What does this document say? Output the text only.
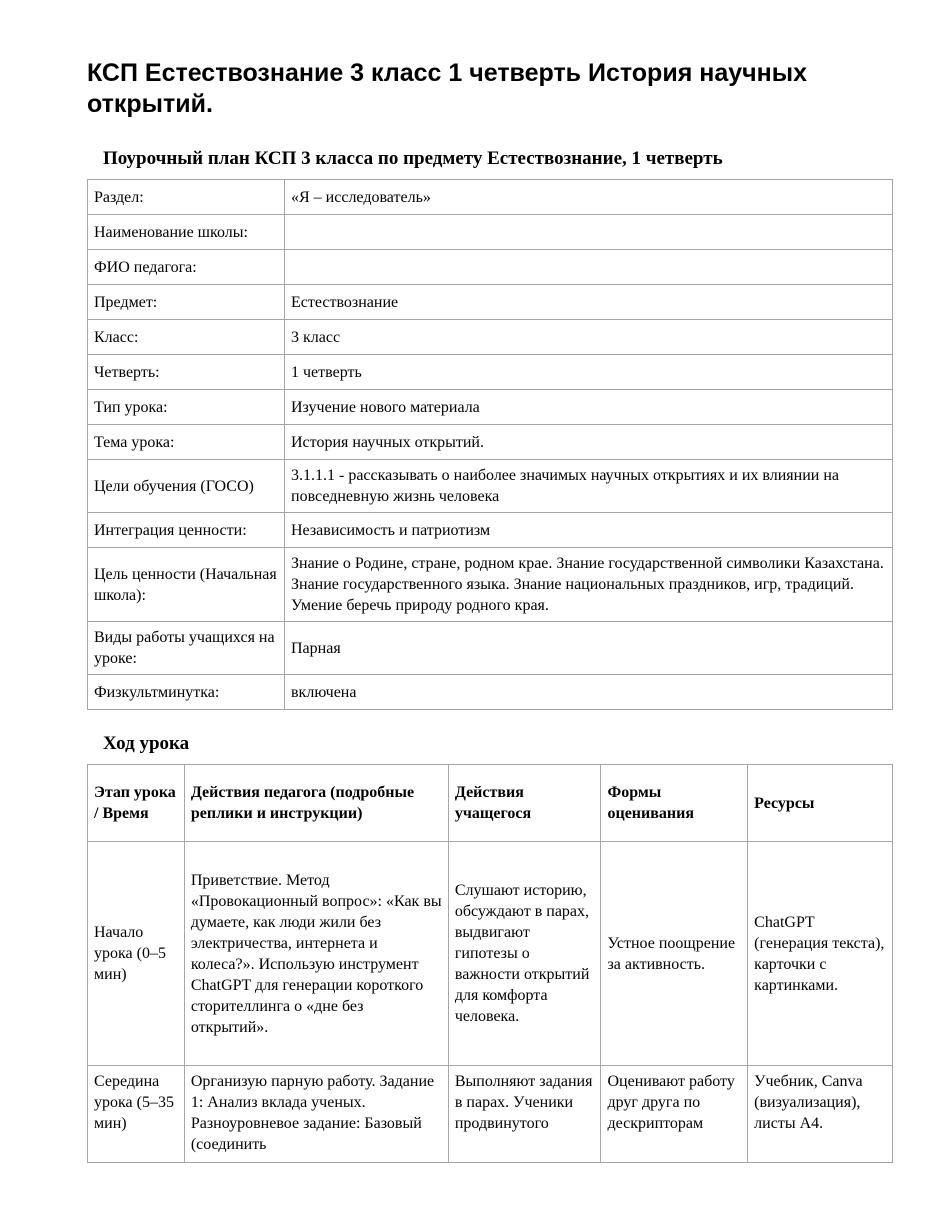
КСП Естествознание 3 класс 1 четверть История научных открытий.
Поурочный план КСП 3 класса по предмету Естествознание, 1 четверть
Раздел:	«Я – исследователь»
Наименование школы:	
ФИО педагога:	
Предмет:	Естествознание
Класс:	3 класс
Четверть:	1 четверть
Тип урока:	Изучение нового материала
Тема урока:	История научных открытий.
Цели обучения (ГОСО)	3.1.1.1 - рассказывать о наиболее значимых научных открытиях и их влиянии на повседневную жизнь человека
Интеграция ценности:	Независимость и патриотизм
Цель ценности (Начальная школа):	Знание о Родине, стране, родном крае. Знание государственной символики Казахстана. Знание государственного языка. Знание национальных праздников, игр, традиций. Умение беречь природу родного края.
Виды работы учащихся на уроке:	Парная
Физкультминутка:	включена
Ход урока
Этап урока / Время	Действия педагога (подробные реплики и инструкции)	Действия учащегося	Формы оценивания	Ресурсы
Начало урока (0–5 мин)	Приветствие. Метод «Провокационный вопрос»: «Как вы думаете, как люди жили без электричества, интернета и колеса?». Использую инструмент ChatGPT для генерации короткого сторителлинга о «дне без открытий».	Слушают историю, обсуждают в парах, выдвигают гипотезы о важности открытий для комфорта человека.	Устное поощрение за активность.	ChatGPT (генерация текста), карточки с картинками.
Середина урока (5–35 мин)	Организую парную работу. Задание 1: Анализ вклада ученых. Разноуровневое задание: Базовый (соединить	Выполняют задания в парах. Ученики продвинутого	Оценивают работу друг друга по дескрипторам	Учебник, Canva (визуализация), листы А4.
